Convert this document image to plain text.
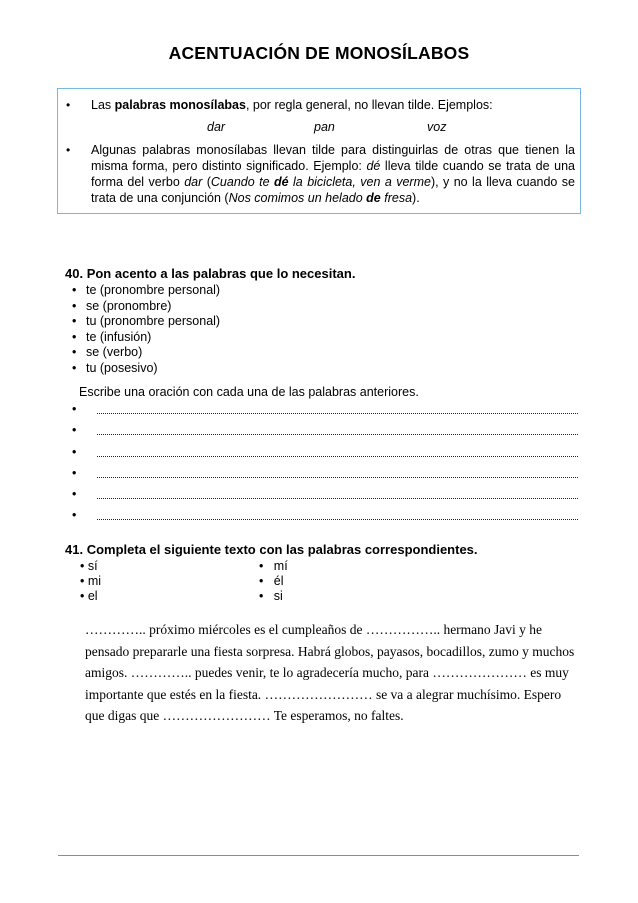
ACENTUACIÓN DE MONOSÍLABOS
• Las palabras monosílabas, por regla general, no llevan tilde. Ejemplos:
dar	pan	voz
• Algunas palabras monosílabas llevan tilde para distinguirlas de otras que tienen la misma forma, pero distinto significado. Ejemplo: dé lleva tilde cuando se trata de una forma del verbo dar (Cuando te dé la bicicleta, ven a verme), y no la lleva cuando se trata de una conjunción (Nos comimos un helado de fresa).
40. Pon acento a las palabras que lo necesitan.
• te (pronombre personal)
• se (pronombre)
• tu (pronombre personal)
• te (infusión)
• se (verbo)
• tu (posesivo)
Escribe una oración con cada una de las palabras anteriores.
•
•
•
•
•
•
41. Completa el siguiente texto con las palabras correspondientes.
• sí
• mi
• el
•   mí
•   él
•   si
………….. próximo miércoles es el cumpleaños de …………….. hermano Javi y he pensado prepararle una fiesta sorpresa. Habrá globos, payasos, bocadillos, zumo y muchos amigos. ………….. puedes venir, te lo agradecería mucho, para ………………… es muy importante que estés en la fiesta. …………………… se va a alegrar muchísimo. Espero que digas que …………………… Te esperamos, no faltes.
